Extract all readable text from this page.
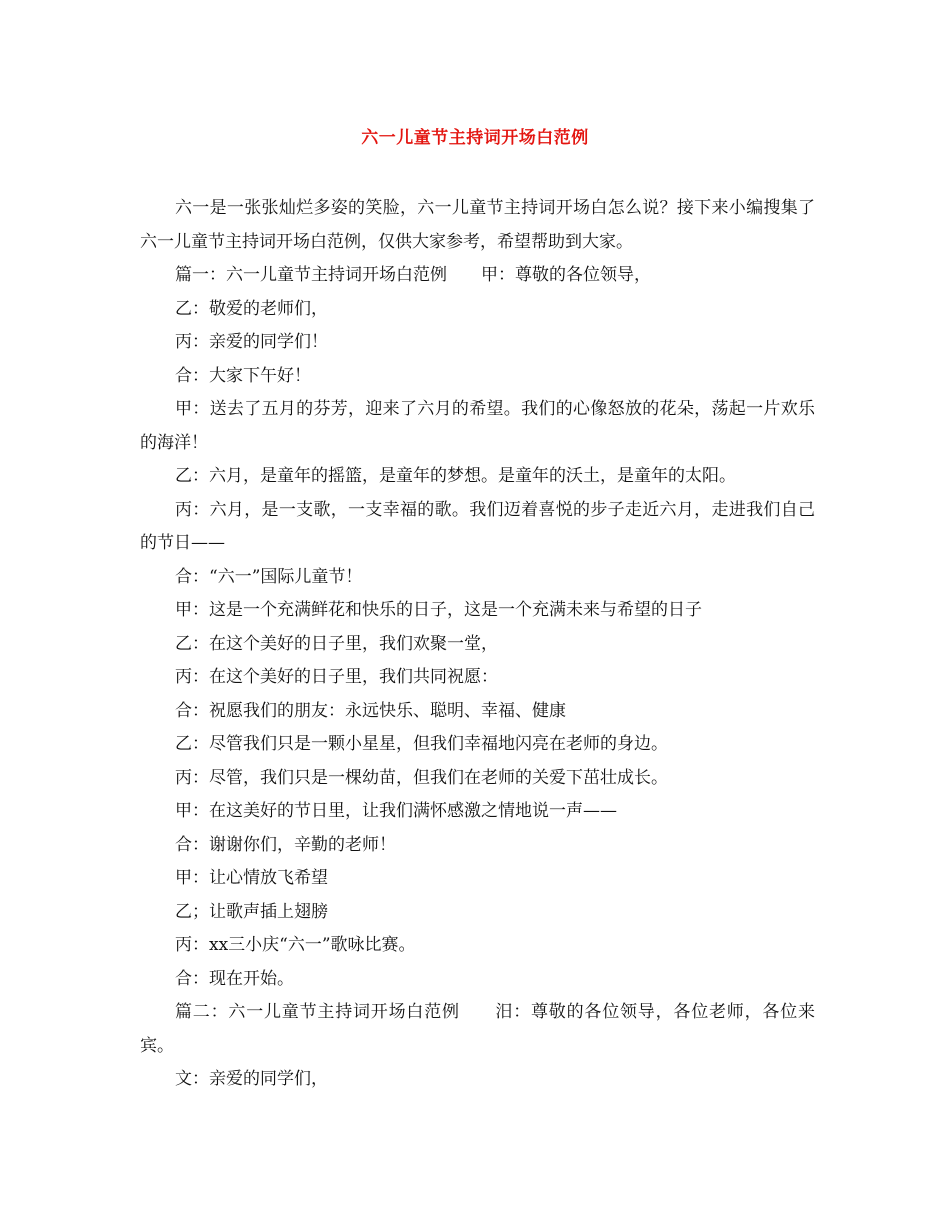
六一儿童节主持词开场白范例

六一是一张张灿烂多姿的笑脸，六一儿童节主持词开场白怎么说？接下来小编搜集了六一儿童节主持词开场白范例，仅供大家参考，希望帮助到大家。

篇一：六一儿童节主持词开场白范例　　甲：尊敬的各位领导，

乙：敬爱的老师们，

丙：亲爱的同学们！

合：大家下午好！

甲：送去了五月的芬芳，迎来了六月的希望。我们的心像怒放的花朵，荡起一片欢乐的海洋！

乙：六月，是童年的摇篮，是童年的梦想。是童年的沃土，是童年的太阳。

丙：六月，是一支歌，一支幸福的歌。我们迈着喜悦的步子走近六月，走进我们自己的节日——

合：“六一”国际儿童节！

甲：这是一个充满鲜花和快乐的日子，这是一个充满未来与希望的日子

乙：在这个美好的日子里，我们欢聚一堂，

丙：在这个美好的日子里，我们共同祝愿：

合：祝愿我们的朋友：永远快乐、聪明、幸福、健康

乙：尽管我们只是一颗小星星，但我们幸福地闪亮在老师的身边。

丙：尽管，我们只是一棵幼苗，但我们在老师的关爱下茁壮成长。

甲：在这美好的节日里，让我们满怀感激之情地说一声——

合：谢谢你们，辛勤的老师！

甲：让心情放飞希望

乙；让歌声插上翅膀

丙：xx三小庆“六一”歌咏比赛。

合：现在开始。

篇二：六一儿童节主持词开场白范例　　汨：尊敬的各位领导，各位老师，各位来宾。

文：亲爱的同学们，
